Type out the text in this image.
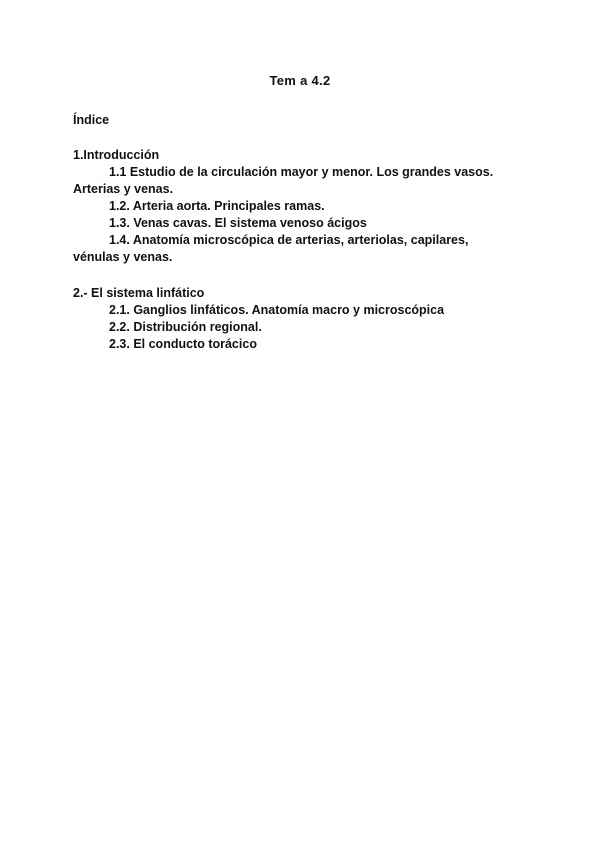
Tem a 4.2
Índice
1.Introducción
1.1 Estudio de la circulación mayor y menor. Los grandes vasos.
Arterias y venas.
1.2. Arteria aorta. Principales ramas.
1.3. Venas cavas. El sistema venoso ácigos
1.4. Anatomía microscópica de arterias, arteriolas, capilares,
vénulas y venas.
2.- El sistema linfático
2.1. Ganglios linfáticos. Anatomía macro y microscópica
2.2. Distribución regional.
2.3. El conducto torácico
